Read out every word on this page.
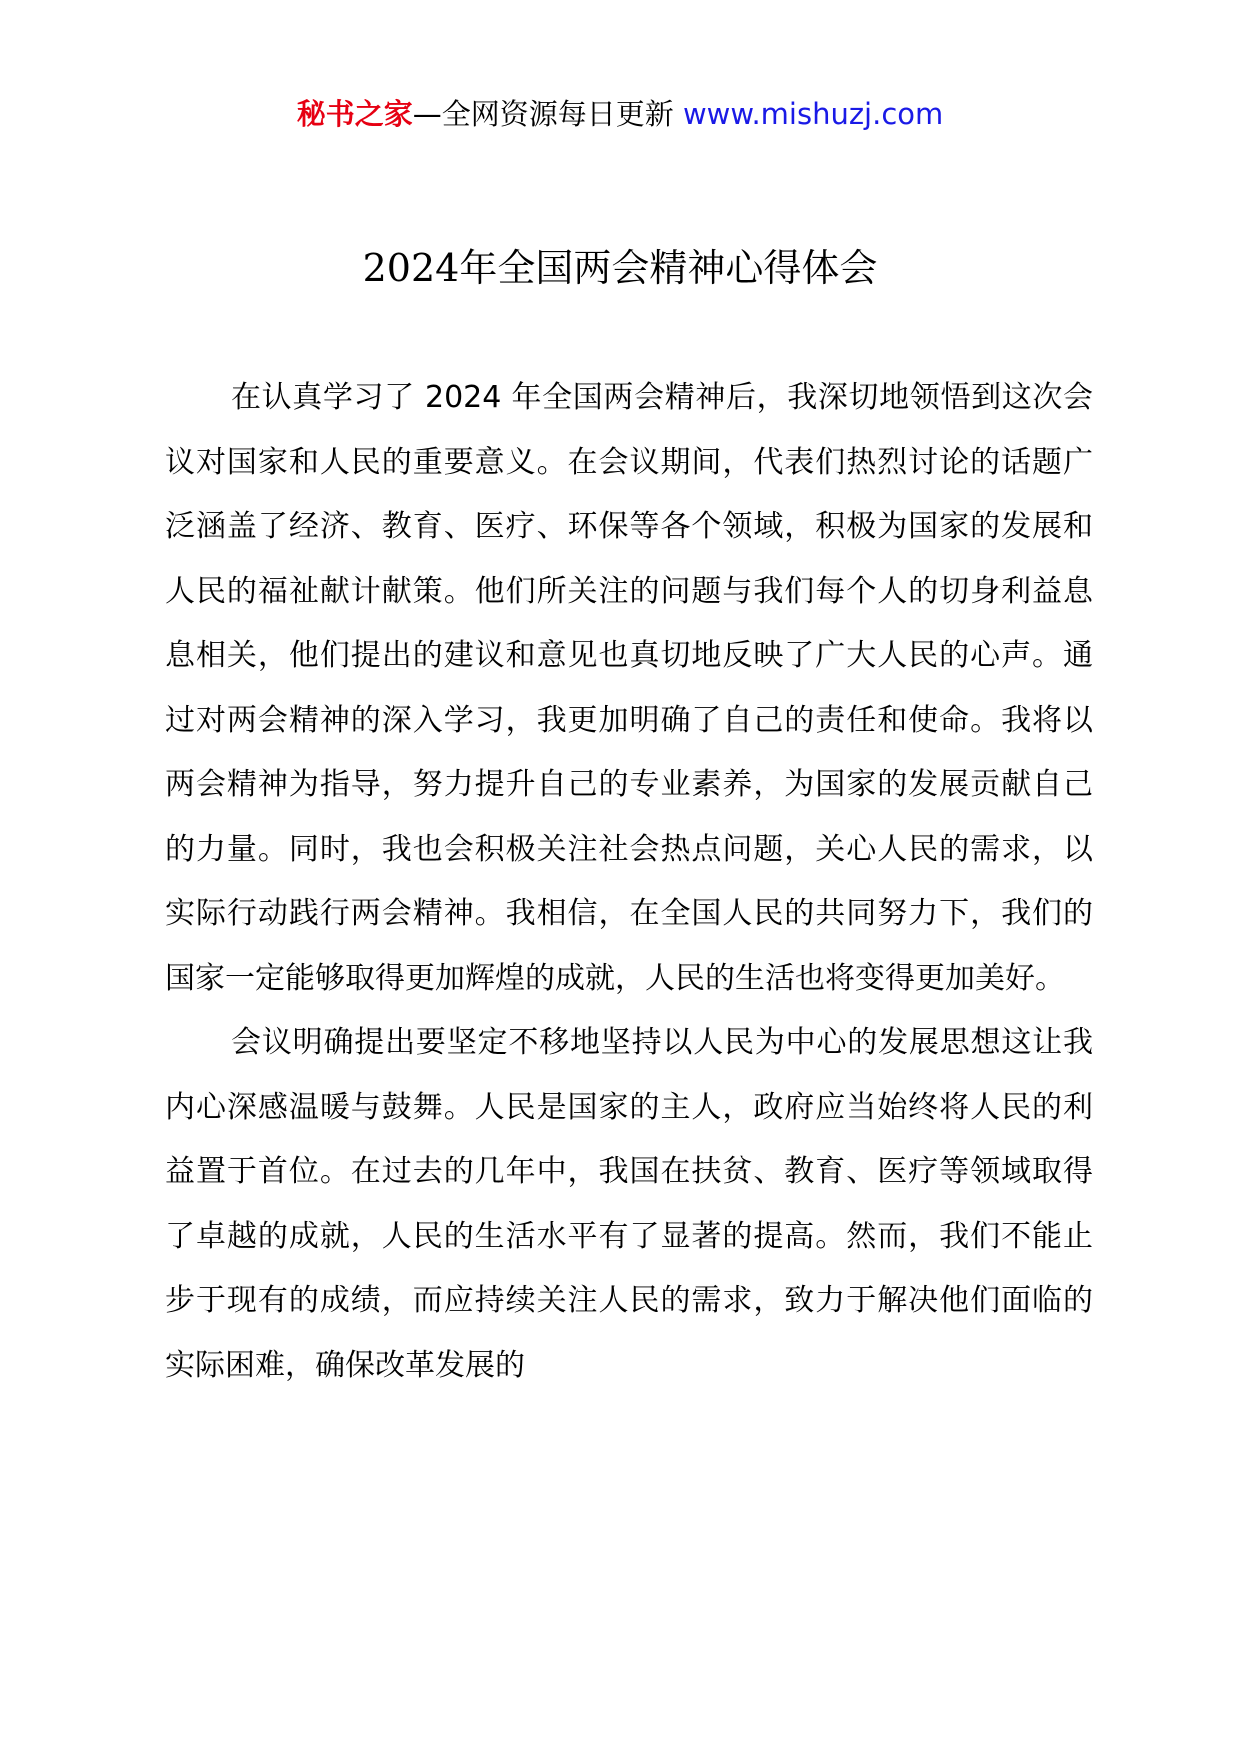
秘书之家—全网资源每日更新 www.mishuzj.com
2024年全国两会精神心得体会

在认真学习了 2024 年全国两会精神后，我深切地领悟到这次会议对国家和人民的重要意义。在会议期间，代表们热烈讨论的话题广泛涵盖了经济、教育、医疗、环保等各个领域，积极为国家的发展和人民的福祉献计献策。他们所关注的问题与我们每个人的切身利益息息相关，他们提出的建议和意见也真切地反映了广大人民的心声。通过对两会精神的深入学习，我更加明确了自己的责任和使命。我将以两会精神为指导，努力提升自己的专业素养，为国家的发展贡献自己的力量。同时，我也会积极关注社会热点问题，关心人民的需求，以实际行动践行两会精神。我相信，在全国人民的共同努力下，我们的国家一定能够取得更加辉煌的成就，人民的生活也将变得更加美好。

会议明确提出要坚定不移地坚持以人民为中心的发展思想这让我内心深感温暖与鼓舞。人民是国家的主人，政府应当始终将人民的利益置于首位。在过去的几年中，我国在扶贫、教育、医疗等领域取得了卓越的成就，人民的生活水平有了显著的提高。然而，我们不能止步于现有的成绩，而应持续关注人民的需求，致力于解决他们面临的实际困难，确保改革发展的
